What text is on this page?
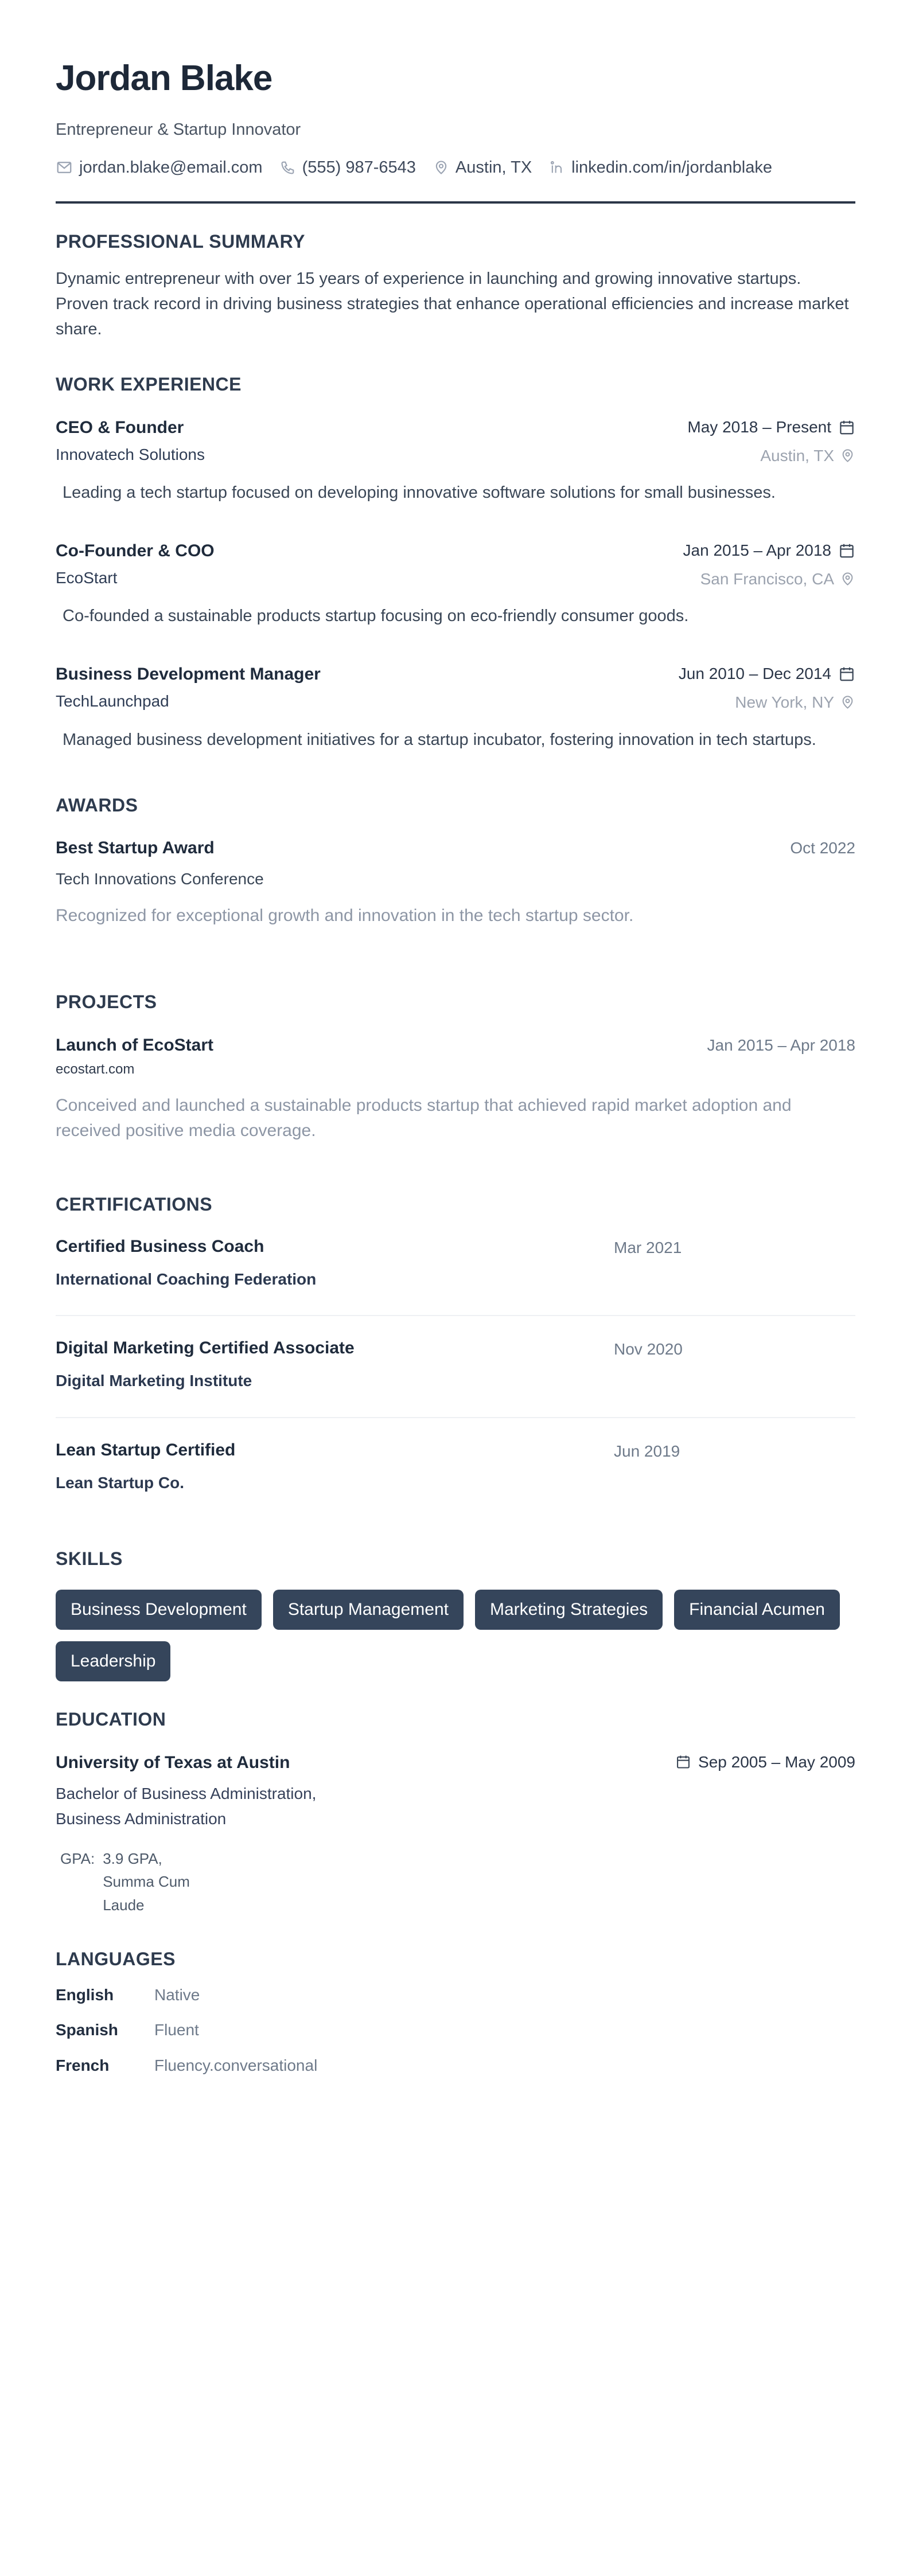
Jordan Blake
Entrepreneur & Startup Innovator
jordan.blake@email.com (555) 987-6543 Austin, TX linkedin.com/in/jordanblake
PROFESSIONAL SUMMARY
Dynamic entrepreneur with over 15 years of experience in launching and growing innovative startups. Proven track record in driving business strategies that enhance operational efficiencies and increase market share.
WORK EXPERIENCE
CEO & Founder
Innovatech Solutions
May 2018 – Present
Austin, TX
Leading a tech startup focused on developing innovative software solutions for small businesses.
Co-Founder & COO
EcoStart
Jan 2015 – Apr 2018
San Francisco, CA
Co-founded a sustainable products startup focusing on eco-friendly consumer goods.
Business Development Manager
TechLaunchpad
Jun 2010 – Dec 2014
New York, NY
Managed business development initiatives for a startup incubator, fostering innovation in tech startups.
AWARDS
Best Startup Award	Oct 2022
Tech Innovations Conference
Recognized for exceptional growth and innovation in the tech startup sector.
PROJECTS
Launch of EcoStart	Jan 2015 – Apr 2018
ecostart.com
Conceived and launched a sustainable products startup that achieved rapid market adoption and received positive media coverage.
CERTIFICATIONS
Certified Business Coach
International Coaching Federation
Mar 2021
Digital Marketing Certified Associate
Digital Marketing Institute
Nov 2020
Lean Startup Certified
Lean Startup Co.
Jun 2019
SKILLS
Business Development	Startup Management	Marketing Strategies	Financial Acumen
Leadership
EDUCATION
University of Texas at Austin	Sep 2005 – May 2009
Bachelor of Business Administration, Business Administration
GPA: 3.9 GPA, Summa Cum Laude
LANGUAGES
English	Native
Spanish	Fluent
French	Fluency.conversational
